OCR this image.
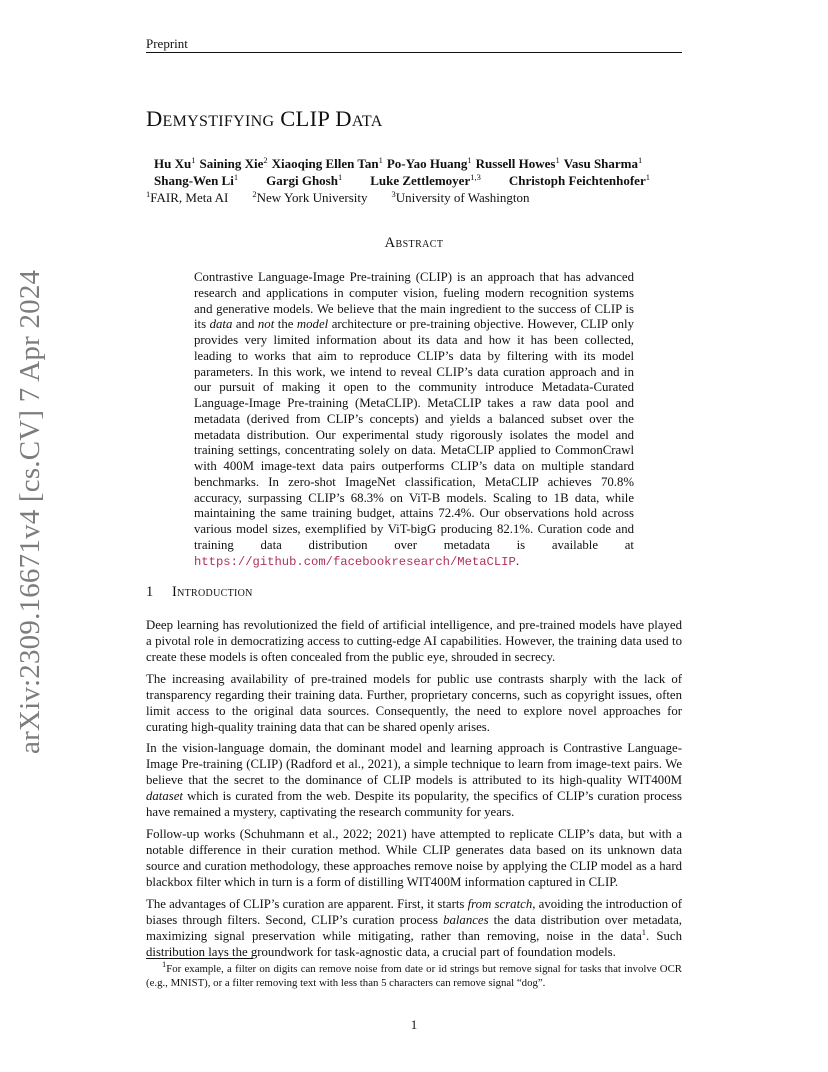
Preprint
Demystifying CLIP Data
Hu Xu$^1$ Saining Xie$^2$ Xiaoqing Ellen Tan$^1$ Po-Yao Huang$^1$ Russell Howes$^1$ Vasu Sharma$^1$
Shang-Wen Li$^1$ Gargi Ghosh$^1$ Luke Zettlemoyer$^{1,3}$ Christoph Feichtenhofer$^1$
$^1$FAIR, Meta AI	$^2$New York University	$^3$University of Washington
Abstract
Contrastive Language-Image Pre-training (CLIP) is an approach that has advanced research and applications in computer vision, fueling modern recognition systems and generative models. We believe that the main ingredient to the success of CLIP is its data and not the model architecture or pre-training objective. However, CLIP only provides very limited information about its data and how it has been collected, leading to works that aim to reproduce CLIP’s data by filtering with its model parameters. In this work, we intend to reveal CLIP’s data curation approach and in our pursuit of making it open to the community introduce Metadata-Curated Language-Image Pre-training (MetaCLIP). MetaCLIP takes a raw data pool and metadata (derived from CLIP’s concepts) and yields a balanced subset over the metadata distribution. Our experimental study rigorously isolates the model and training settings, concentrating solely on data. MetaCLIP applied to CommonCrawl with 400M image-text data pairs outperforms CLIP’s data on multiple standard benchmarks. In zero-shot ImageNet classification, MetaCLIP achieves 70.8% accuracy, surpassing CLIP’s 68.3% on ViT-B models. Scaling to 1B data, while maintaining the same training budget, attains 72.4%. Our observations hold across various model sizes, exemplified by ViT-bigG producing 82.1%. Curation code and training data distribution over metadata is available at https://github.com/facebookresearch/MetaCLIP.
arXiv:2309.16671v4 [cs.CV] 7 Apr 2024	1 Introduction
Deep learning has revolutionized the field of artificial intelligence, and pre-trained models have played a pivotal role in democratizing access to cutting-edge AI capabilities. However, the training data used to create these models is often concealed from the public eye, shrouded in secrecy.
The increasing availability of pre-trained models for public use contrasts sharply with the lack of transparency regarding their training data. Further, proprietary concerns, such as copyright issues, often limit access to the original data sources. Consequently, the need to explore novel approaches for curating high-quality training data that can be shared openly arises.
In the vision-language domain, the dominant model and learning approach is Contrastive Language-Image Pre-training (CLIP) (Radford et al., 2021), a simple technique to learn from image-text pairs. We believe that the secret to the dominance of CLIP models is attributed to its high-quality WIT400M dataset which is curated from the web. Despite its popularity, the specifics of CLIP’s curation process have remained a mystery, captivating the research community for years.
Follow-up works (Schuhmann et al., 2022; 2021) have attempted to replicate CLIP’s data, but with a notable difference in their curation method. While CLIP generates data based on its unknown data source and curation methodology, these approaches remove noise by applying the CLIP model as a hard blackbox filter which in turn is a form of distilling WIT400M information captured in CLIP.
The advantages of CLIP’s curation are apparent. First, it starts from scratch, avoiding the introduction of biases through filters. Second, CLIP’s curation process balances the data distribution over metadata, maximizing signal preservation while mitigating, rather than removing, noise in the data$^1$. Such distribution lays the groundwork for task-agnostic data, a crucial part of foundation models.
$^1$For example, a filter on digits can remove noise from date or id strings but remove signal for tasks that involve OCR (e.g., MNIST), or a filter removing text with less than 5 characters can remove signal “dog”.
1
